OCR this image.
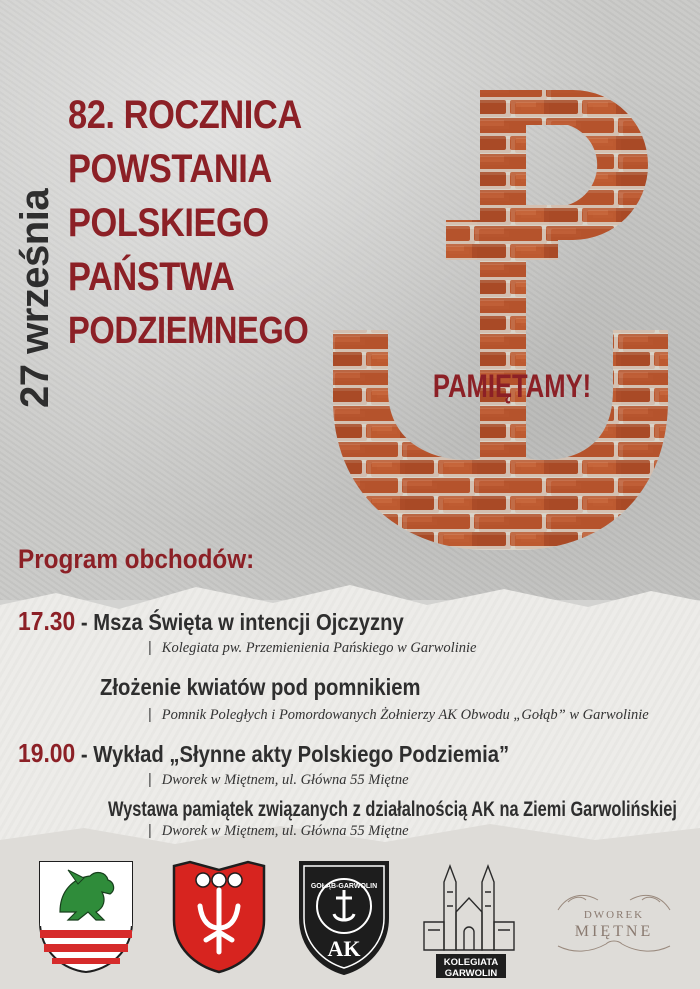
27 września
82. ROCZNICA
POWSTANIA
POLSKIEGO
PAŃSTWA
PODZIEMNEGO
PAMIĘTAMY!
Program obchodów:
17.30 - Msza Święta w intencji Ojczyzny
| Kolegiata pw. Przemienienia Pańskiego w Garwolinie
Złożenie kwiatów pod pomnikiem
| Pomnik Poległych i Pomordowanych Żołnierzy AK Obwodu „Gołąb” w Garwolinie
19.00 - Wykład „Słynne akty Polskiego Podziemia”
| Dworek w Miętnem, ul. Główna 55 Miętne
Wystawa pamiątek związanych z działalnością AK na Ziemi Garwolińskiej
| Dworek w Miętnem, ul. Główna 55 Miętne
GOŁĄB-GARWOLIN
AK
KOLEGIATA
GARWOLIN
DWOREK
MIĘTNE
